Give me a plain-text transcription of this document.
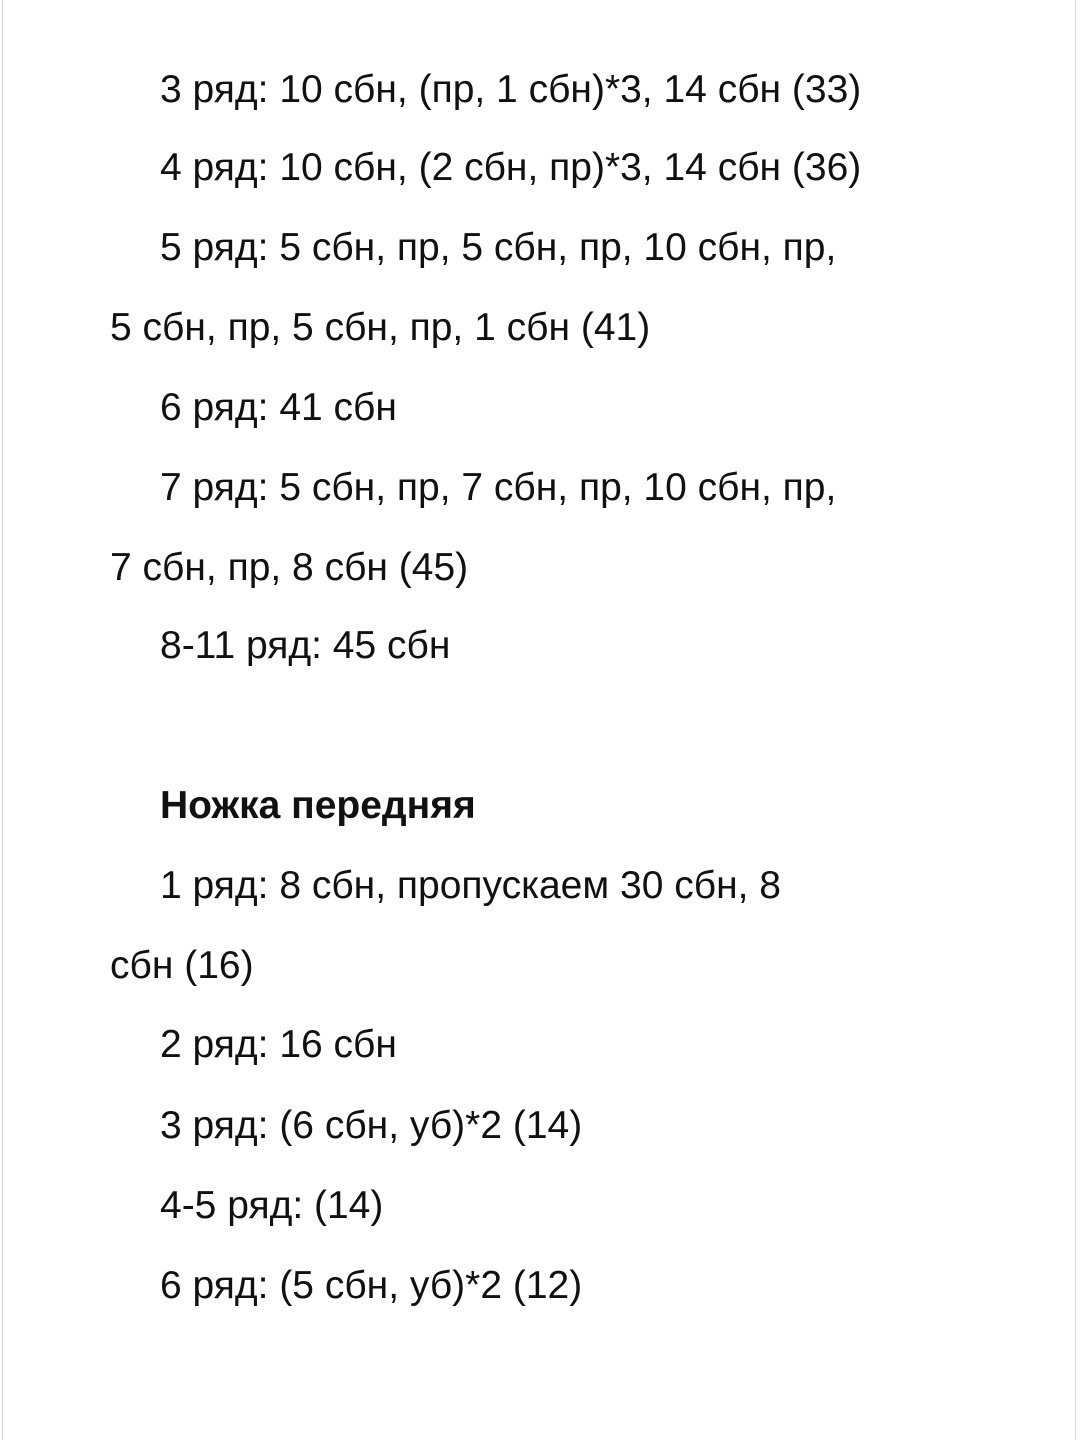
3 ряд: 10 сбн, (пр, 1 сбн)*3, 14 сбн (33)
4 ряд: 10 сбн, (2 сбн, пр)*3, 14 сбн (36)
5 ряд: 5 сбн, пр, 5 сбн, пр, 10 сбн, пр,
5 сбн, пр, 5 сбн, пр, 1 сбн (41)
6 ряд: 41 сбн
7 ряд: 5 сбн, пр, 7 сбн, пр, 10 сбн, пр,
7 сбн, пр, 8 сбн (45)
8-11 ряд: 45 сбн
Ножка передняя
1 ряд: 8 сбн, пропускаем 30 сбн, 8
сбн (16)
2 ряд: 16 сбн
3 ряд: (6 сбн, уб)*2 (14)
4-5 ряд: (14)
6 ряд: (5 сбн, уб)*2 (12)
